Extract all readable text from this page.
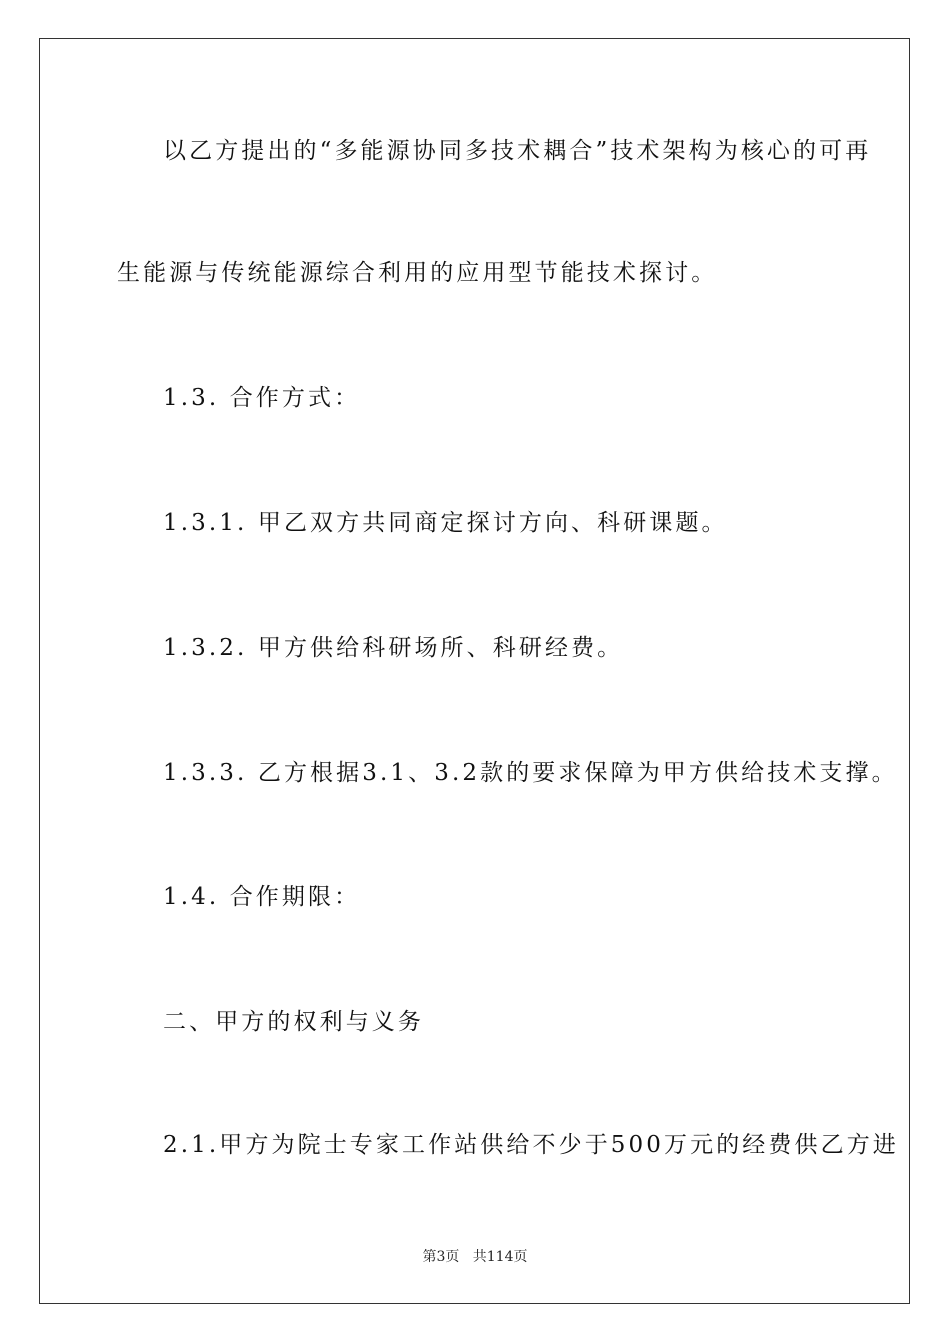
以乙方提出的“多能源协同多技术耦合”技术架构为核心的可再

生能源与传统能源综合利用的应用型节能技术探讨。

1.3. 合作方式：

1.3.1. 甲乙双方共同商定探讨方向、科研课题。

1.3.2. 甲方供给科研场所、科研经费。

1.3.3. 乙方根据3.1、3.2款的要求保障为甲方供给技术支撑。

1.4. 合作期限：

二、甲方的权利与义务

2.1.甲方为院士专家工作站供给不少于500万元的经费供乙方进

第3页   共114页
